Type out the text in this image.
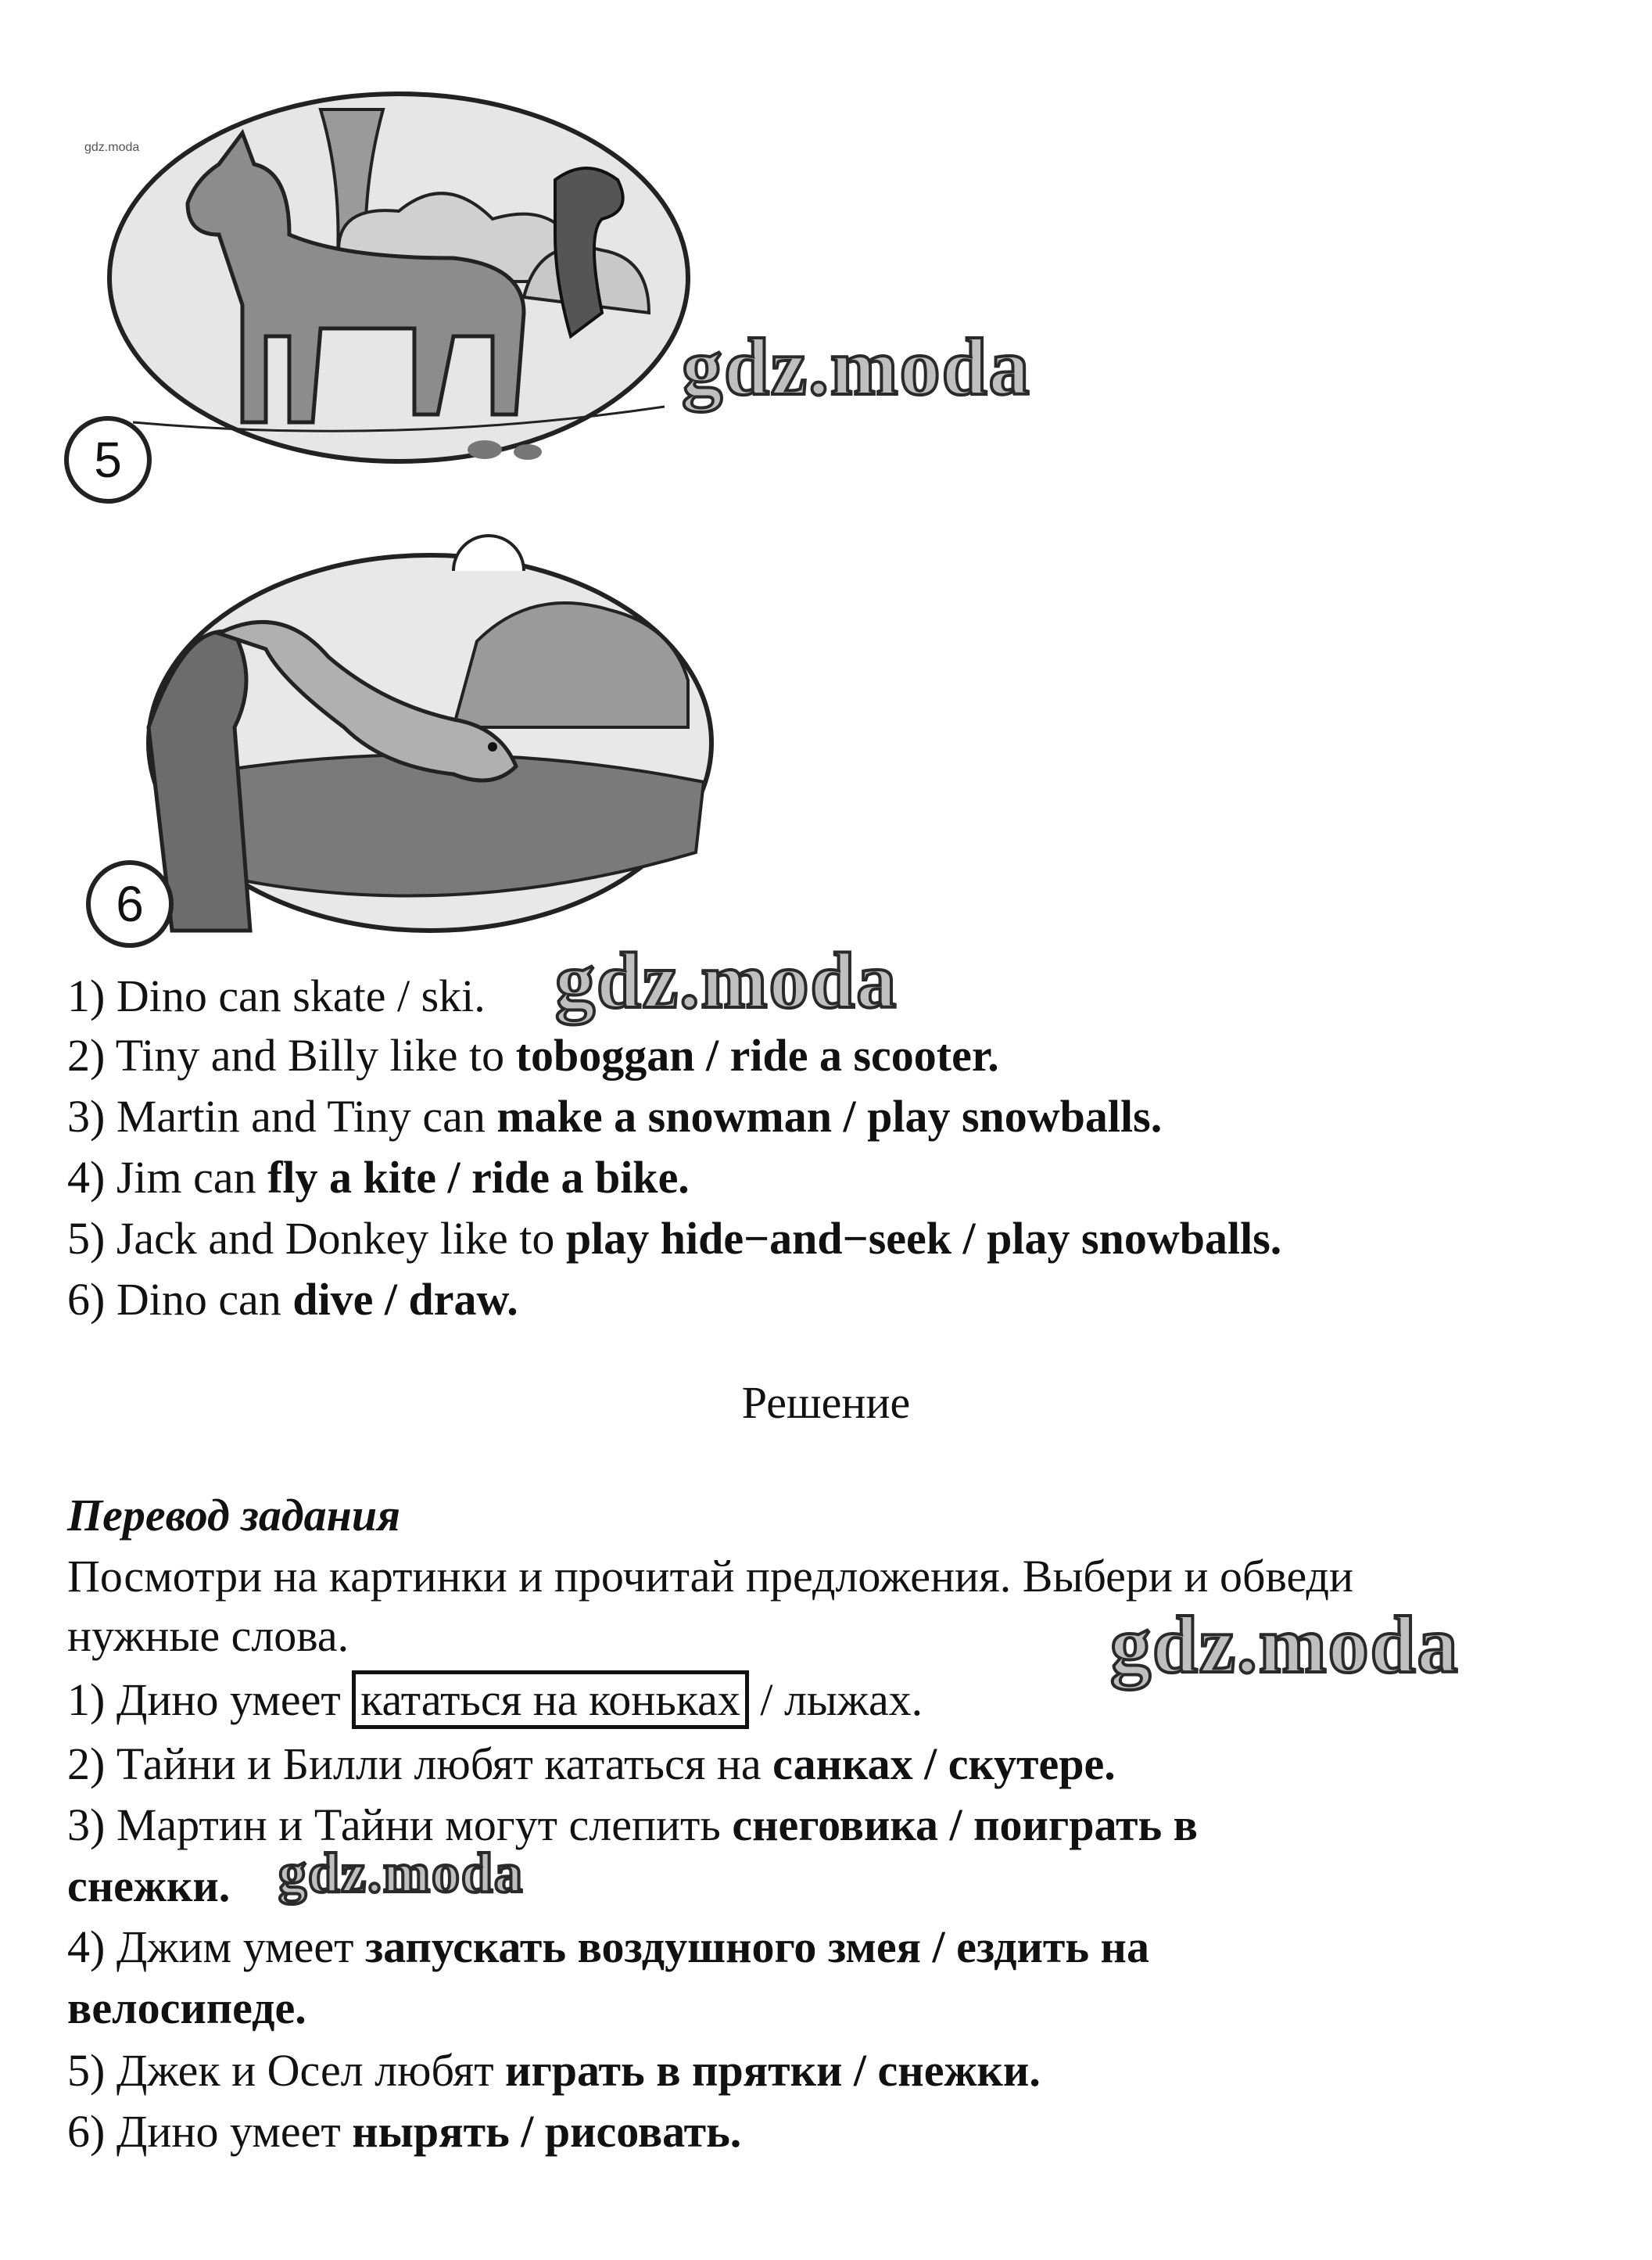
5
gdz.moda
gdz.moda
6
1) Dino can skate / ski. gdz.moda
2) Tiny and Billy like to toboggan / ride a scooter.
3) Martin and Tiny can make a snowman / play snowballs.
4) Jim can fly a kite / ride a bike.
5) Jack and Donkey like to play hide−and−seek / play snowballs.
6) Dino can dive / draw.
Решение
Перевод задания
Посмотри на картинки и прочитай предложения. Выбери и обведи
нужные слова.	gdz.moda
1) Дино умеет кататься на коньках / лыжах.
2) Тайни и Билли любят кататься на санках / скутере.
3) Мартин и Тайни могут слепить снеговика / поиграть в
снежки. gdz.moda
4) Джим умеет запускать воздушного змея / ездить на
велосипеде.
5) Джек и Осел любят играть в прятки / снежки.
6) Дино умеет нырять / рисовать.
